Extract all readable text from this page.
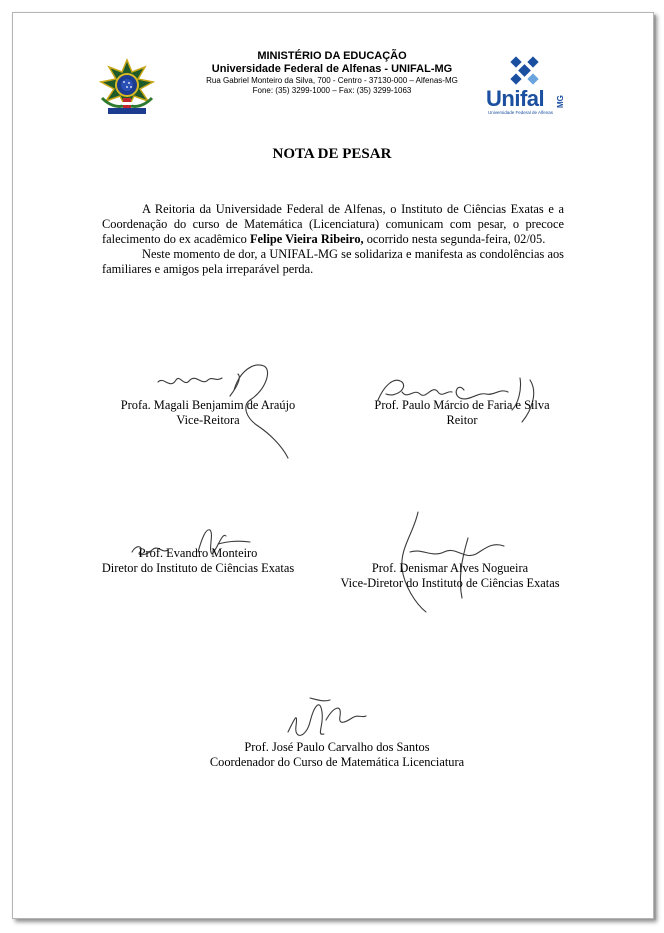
MINISTÉRIO DA EDUCAÇÃO
Universidade Federal de Alfenas - UNIFAL-MG
Rua Gabriel Monteiro da Silva, 700 - Centro - 37130-000 – Alfenas-MG
Fone: (35) 3299-1000 – Fax: (35) 3299-1063	Unifal MG
Universidade Federal de Alfenas
NOTA DE PESAR

A Reitoria da Universidade Federal de Alfenas, o Instituto de Ciências Exatas e a Coordenação do curso de Matemática (Licenciatura) comunicam com pesar, o precoce falecimento do ex acadêmico Felipe Vieira Ribeiro, ocorrido nesta segunda-feira, 02/05.

Neste momento de dor, a UNIFAL-MG se solidariza e manifesta as condolências aos familiares e amigos pela irreparável perda.

Profa. Magali Benjamim de Araújo
Vice-Reitora
Prof. Paulo Márcio de Faria e Silva
Reitor
Prof. Evandro Monteiro
Diretor do Instituto de Ciências Exatas	Prof. Denismar Alves Nogueira
Vice-Diretor do Instituto de Ciências Exatas
Prof. José Paulo Carvalho dos Santos
Coordenador do Curso de Matemática Licenciatura
